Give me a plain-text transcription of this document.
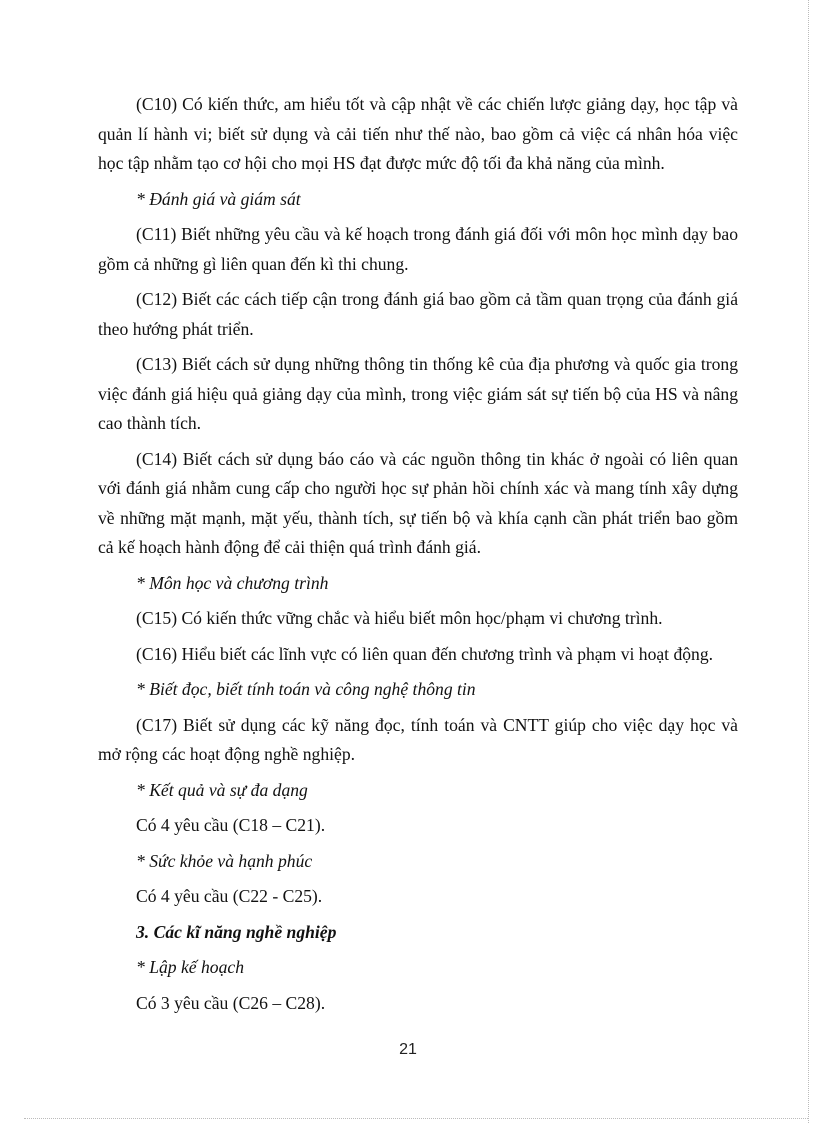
(C10) Có kiến thức, am hiểu tốt và cập nhật về các chiến lược giảng dạy, học tập và quản lí hành vi; biết sử dụng và cải tiến như thế nào, bao gồm cả việc cá nhân hóa việc học tập nhằm tạo cơ hội cho mọi HS đạt được mức độ tối đa khả năng của mình.

* Đánh giá và giám sát

(C11) Biết những yêu cầu và kế hoạch trong đánh giá đối với môn học mình dạy bao gồm cả những gì liên quan đến kì thi chung.

(C12) Biết các cách tiếp cận trong đánh giá bao gồm cả tầm quan trọng của đánh giá theo hướng phát triển.

(C13) Biết cách sử dụng những thông tin thống kê của địa phương và quốc gia trong việc đánh giá hiệu quả giảng dạy của mình, trong việc giám sát sự tiến bộ của HS và nâng cao thành tích.

(C14) Biết cách sử dụng báo cáo và các nguồn thông tin khác ở ngoài có liên quan với đánh giá nhằm cung cấp cho người học sự phản hồi chính xác và mang tính xây dựng về những mặt mạnh, mặt yếu, thành tích, sự tiến bộ và khía cạnh cần phát triển bao gồm cả kế hoạch hành động để cải thiện quá trình đánh giá.

* Môn học và chương trình

(C15) Có kiến thức vững chắc và hiểu biết môn học/phạm vi chương trình.

(C16) Hiểu biết các lĩnh vực có liên quan đến chương trình và phạm vi hoạt động.

* Biết đọc, biết tính toán và công nghệ thông tin

(C17) Biết sử dụng các kỹ năng đọc, tính toán và CNTT giúp cho việc dạy học và mở rộng các hoạt động nghề nghiệp.

* Kết quả và sự đa dạng

Có 4 yêu cầu (C18 – C21).

* Sức khỏe và hạnh phúc

Có 4 yêu cầu (C22 - C25).

3. Các kĩ năng nghề nghiệp

* Lập kế hoạch

Có 3 yêu cầu (C26 – C28).

21
